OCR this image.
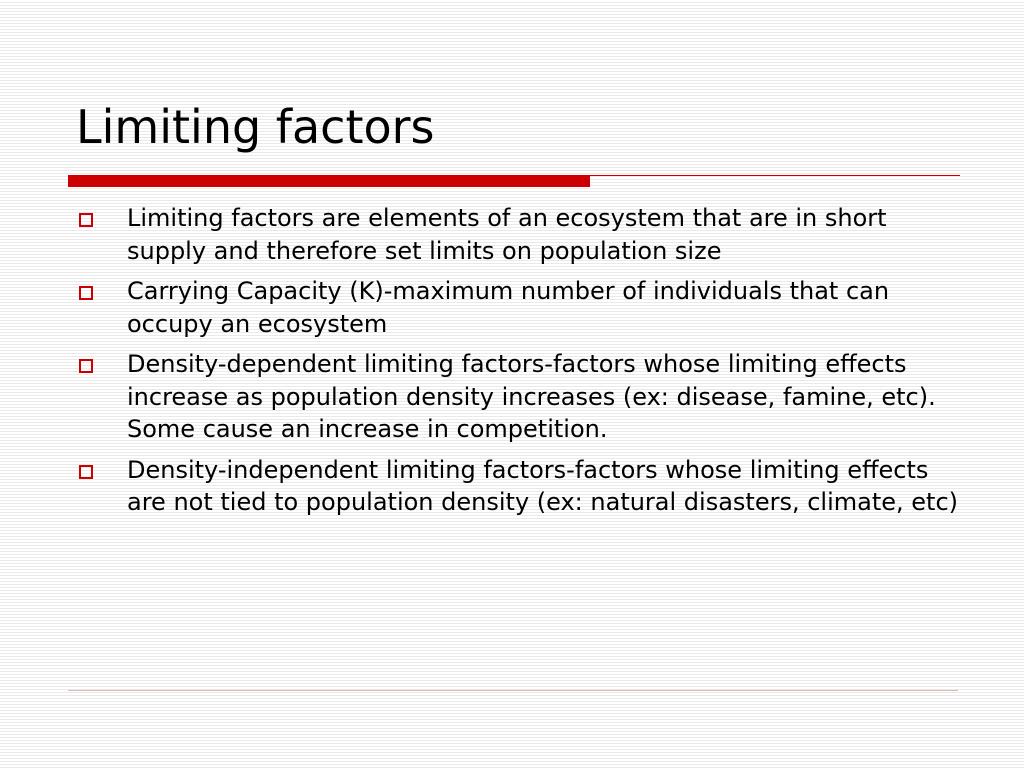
Limiting factors
Limiting factors are elements of an ecosystem that are in short supply and therefore set limits on population size
Carrying Capacity (K)-maximum number of individuals that can occupy an ecosystem
Density-dependent limiting factors-factors whose limiting effects increase as population density increases (ex: disease, famine, etc). Some cause an increase in competition.
Density-independent limiting factors-factors whose limiting effects are not tied to population density (ex: natural disasters, climate, etc)
